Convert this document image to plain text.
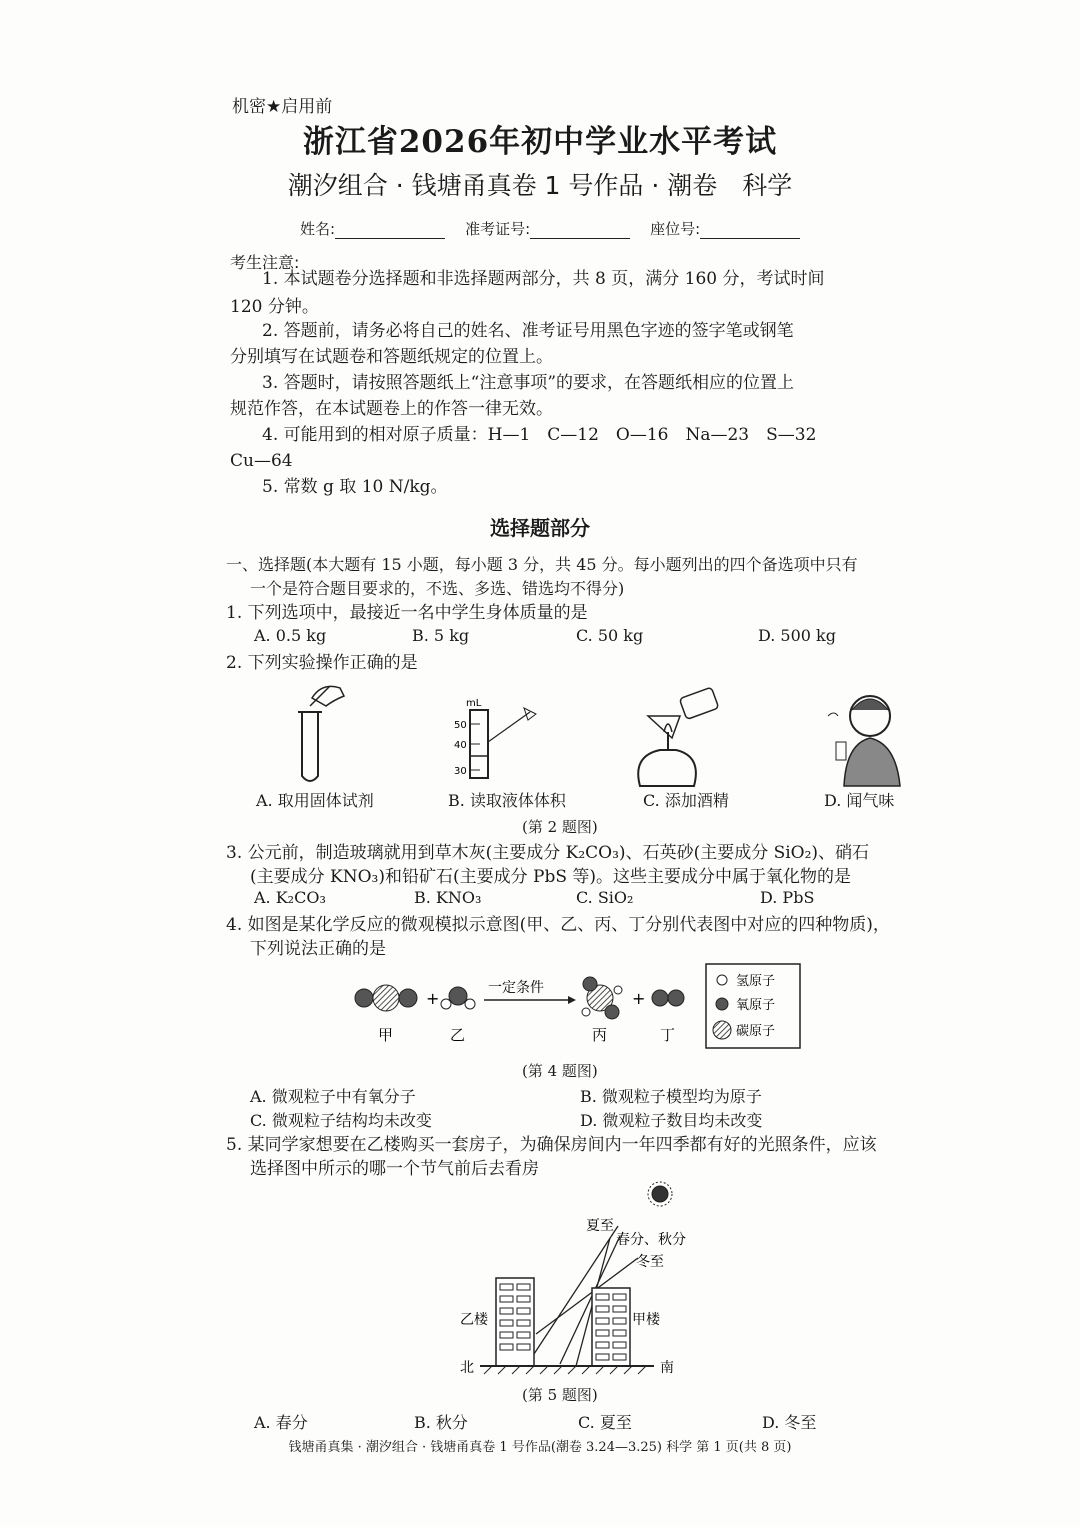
机密★启用前
浙江省2026年初中学业水平考试
潮汐组合 · 钱塘甬真卷 1 号作品 · 潮卷　科学
姓名:	准考证号:	座位号:
考生注意:
1. 本试题卷分选择题和非选择题两部分，共 8 页，满分 160 分，考试时间
120 分钟。
2. 答题前，请务必将自己的姓名、准考证号用黑色字迹的签字笔或钢笔
分别填写在试题卷和答题纸规定的位置上。
3. 答题时，请按照答题纸上“注意事项”的要求，在答题纸相应的位置上
规范作答，在本试题卷上的作答一律无效。
4. 可能用到的相对原子质量：H—1　C—12　O—16　Na—23　S—32
Cu—64
5. 常数 g 取 10 N/kg。
选择题部分
一、选择题(本大题有 15 小题，每小题 3 分，共 45 分。每小题列出的四个备选项中只有
一个是符合题目要求的，不选、多选、错选均不得分)
1. 下列选项中，最接近一名中学生身体质量的是
A. 0.5 kg	B. 5 kg	C. 50 kg	D. 500 kg
2. 下列实验操作正确的是
mL
50
40
30
A. 取用固体试剂	B. 读取液体体积	C. 添加酒精	D. 闻气味
(第 2 题图)
3. 公元前，制造玻璃就用到草木灰(主要成分 K₂CO₃)、石英砂(主要成分 SiO₂)、硝石
(主要成分 KNO₃)和铅矿石(主要成分 PbS 等)。这些主要成分中属于氧化物的是
A. K₂CO₃	B. KNO₃	C. SiO₂	D. PbS
4. 如图是某化学反应的微观模拟示意图(甲、乙、丙、丁分别代表图中对应的四种物质)，
下列说法正确的是
+
一定条件
+
甲	乙	丙	丁
氢原子
氧原子
碳原子
(第 4 题图)
A. 微观粒子中有氧分子	B. 微观粒子模型均为原子
C. 微观粒子结构均未改变	D. 微观粒子数目均未改变
5. 某同学家想要在乙楼购买一套房子，为确保房间内一年四季都有好的光照条件，应该
选择图中所示的哪一个节气前后去看房
夏至
春分、秋分
冬至
乙楼	甲楼
北	南
(第 5 题图)
A. 春分	B. 秋分	C. 夏至	D. 冬至
钱塘甬真集 · 潮汐组合 · 钱塘甬真卷 1 号作品(潮卷 3.24—3.25) 科学 第 1 页(共 8 页)
